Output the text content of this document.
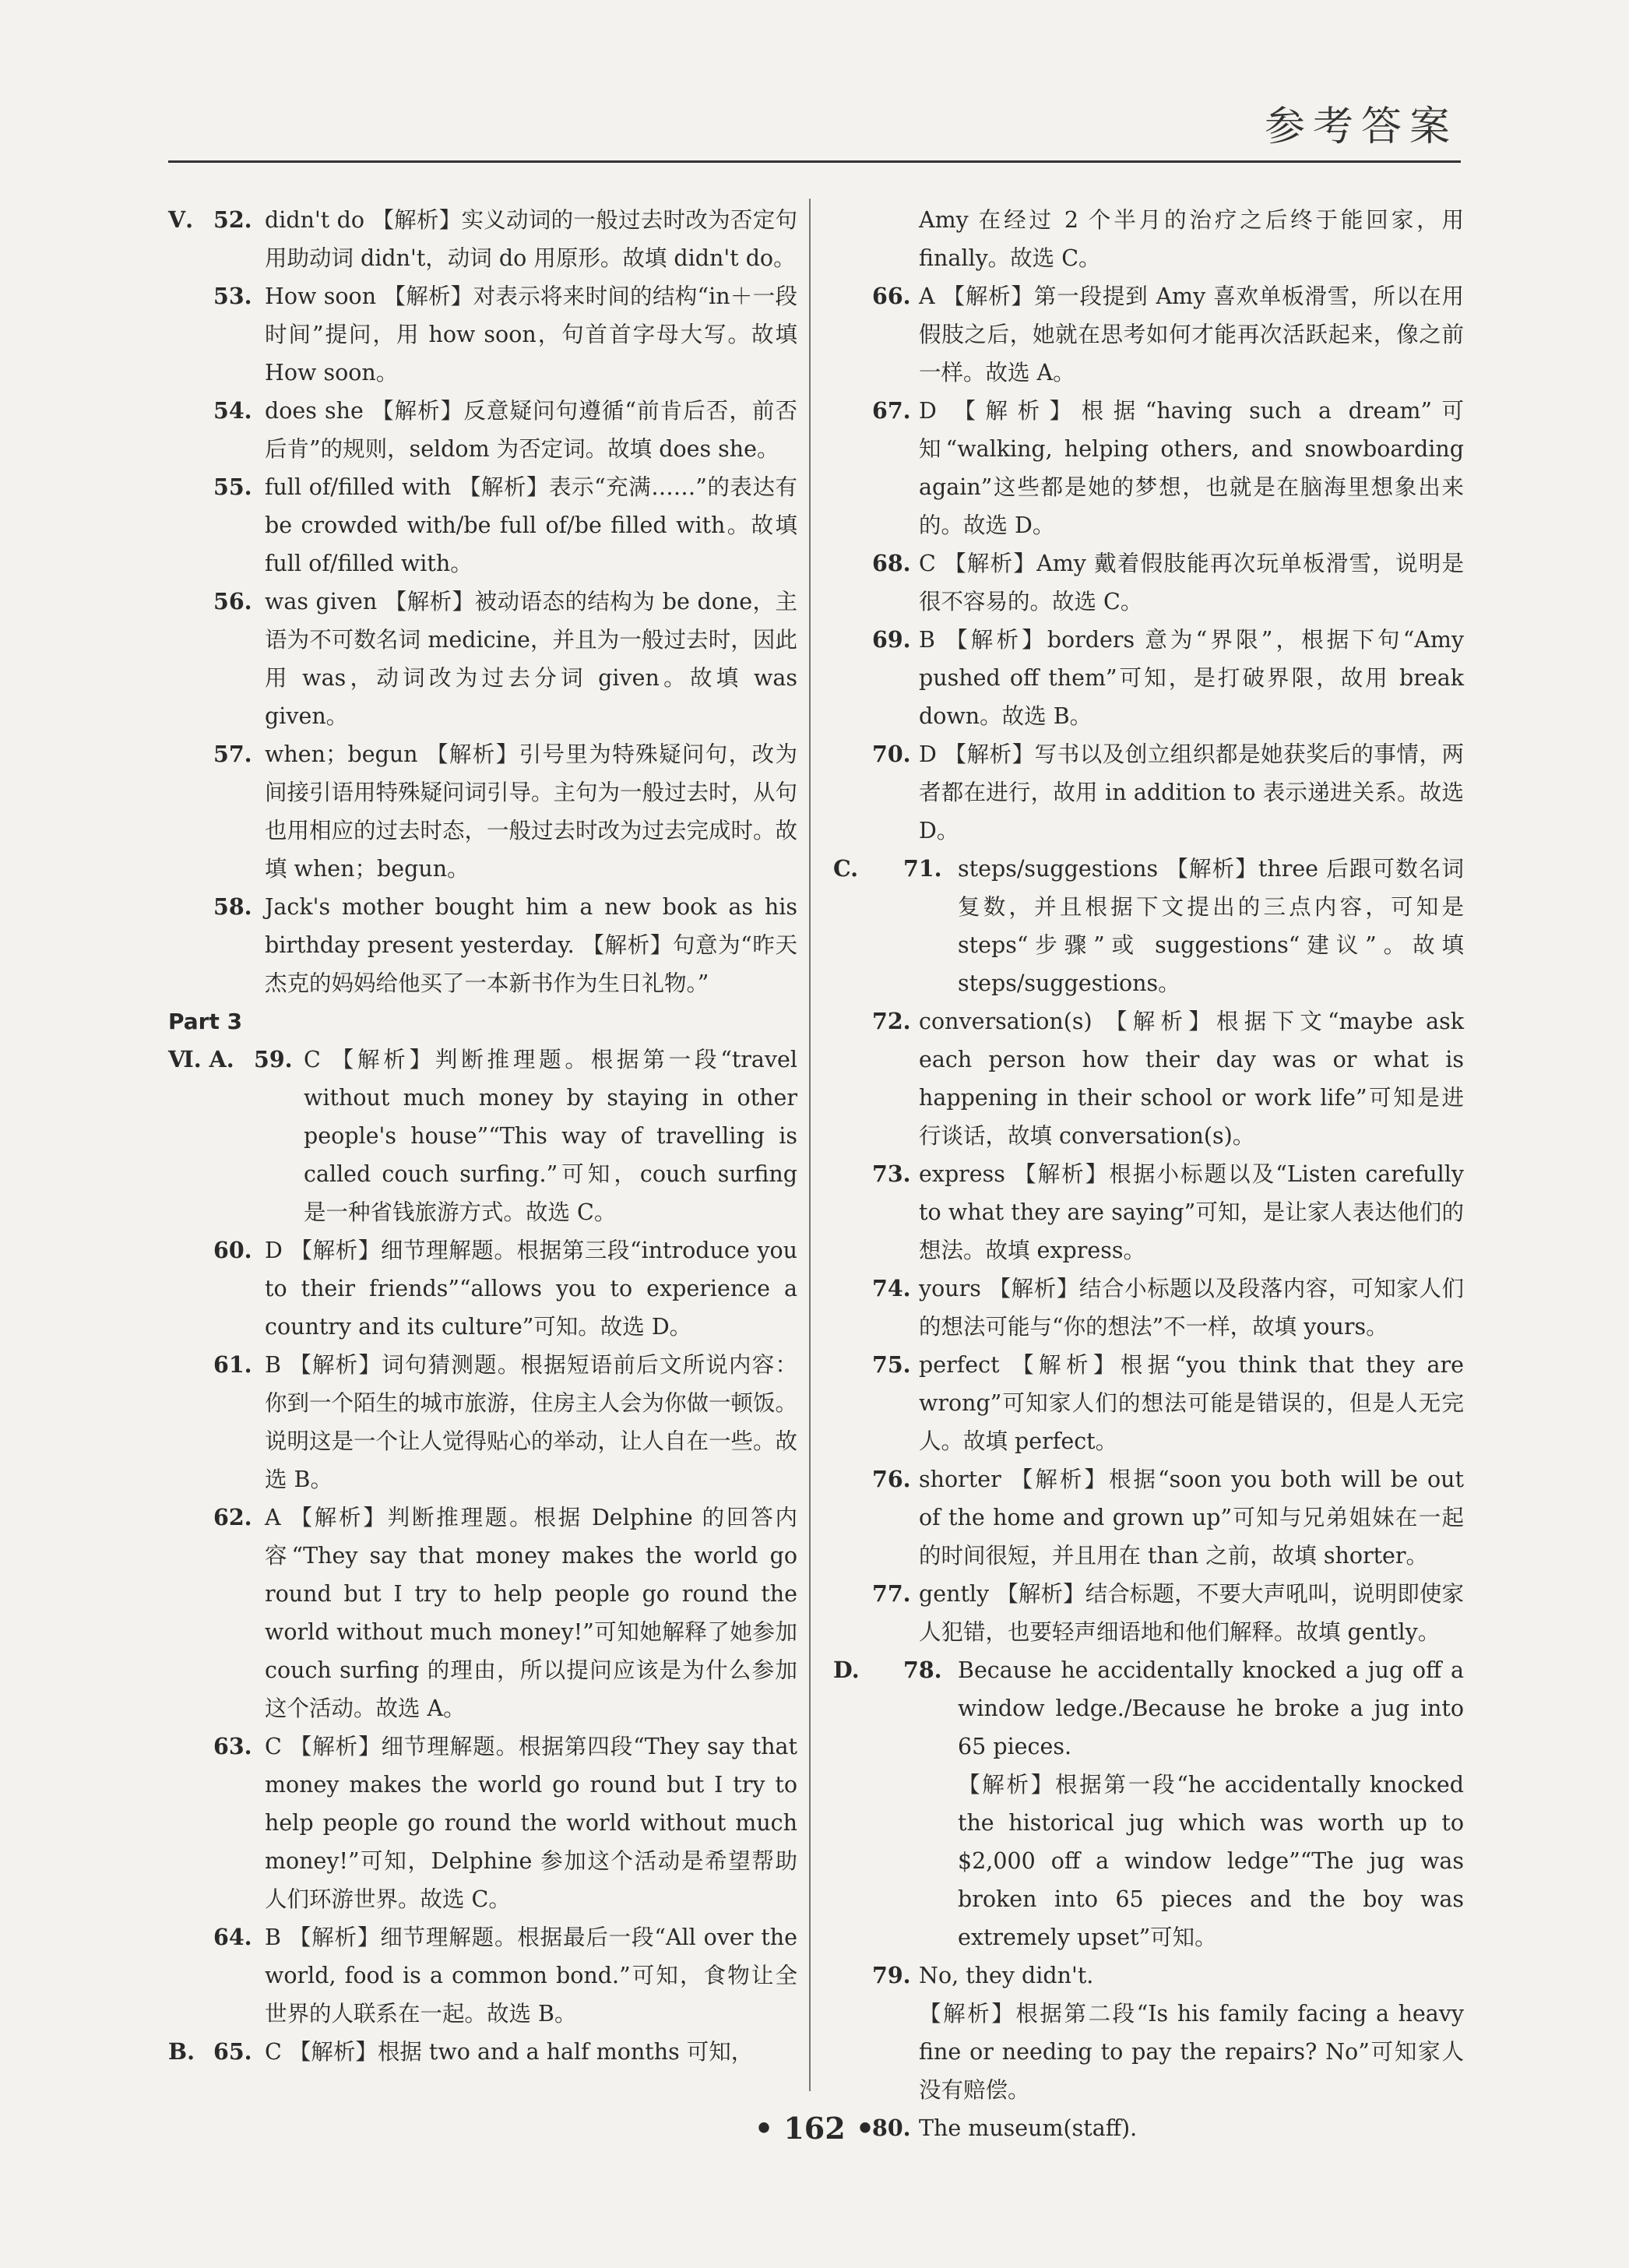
参考答案
Ⅴ. 52. didn't do 【解析】实义动词的一般过去时改为否定句用助动词 didn't，动词 do 用原形。故填 didn't do。
53. How soon 【解析】对表示将来时间的结构“in＋一段时间”提问，用 how soon，句首首字母大写。故填 How soon。
54. does she 【解析】反意疑问句遵循“前肯后否，前否后肯”的规则，seldom 为否定词。故填 does she。
55. full of/filled with 【解析】表示“充满……”的表达有 be crowded with/be full of/be filled with。故填 full of/filled with。
56. was given 【解析】被动语态的结构为 be done，主语为不可数名词 medicine，并且为一般过去时，因此用 was，动词改为过去分词 given。故填 was given。
57. when；begun 【解析】引号里为特殊疑问句，改为间接引语用特殊疑问词引导。主句为一般过去时，从句也用相应的过去时态，一般过去时改为过去完成时。故填 when；begun。
58. Jack's mother bought him a new book as his birthday present yesterday. 【解析】句意为“昨天杰克的妈妈给他买了一本新书作为生日礼物。”
Part 3
Ⅵ. A. 59. C 【解析】判断推理题。根据第一段“travel without much money by staying in other people's house”“This way of travelling is called couch surfing.”可知，couch surfing 是一种省钱旅游方式。故选 C。
60. D 【解析】细节理解题。根据第三段“introduce you to their friends”“allows you to experience a country and its culture”可知。故选 D。
61. B 【解析】词句猜测题。根据短语前后文所说内容：你到一个陌生的城市旅游，住房主人会为你做一顿饭。说明这是一个让人觉得贴心的举动，让人自在一些。故选 B。
62. A 【解析】判断推理题。根据 Delphine 的回答内容“They say that money makes the world go round but I try to help people go round the world without much money!”可知她解释了她参加 couch surfing 的理由，所以提问应该是为什么参加这个活动。故选 A。
63. C 【解析】细节理解题。根据第四段“They say that money makes the world go round but I try to help people go round the world without much money!”可知，Delphine 参加这个活动是希望帮助人们环游世界。故选 C。
64. B 【解析】细节理解题。根据最后一段“All over the world, food is a common bond.”可知，食物让全世界的人联系在一起。故选 B。
B. 65. C 【解析】根据 two and a half months 可知，
Amy 在经过 2 个半月的治疗之后终于能回家，用 finally。故选 C。
66. A 【解析】第一段提到 Amy 喜欢单板滑雪，所以在用假肢之后，她就在思考如何才能再次活跃起来，像之前一样。故选 A。
67. D 【解析】根据“having such a dream”可知“walking, helping others, and snowboarding again”这些都是她的梦想，也就是在脑海里想象出来的。故选 D。
68. C 【解析】Amy 戴着假肢能再次玩单板滑雪，说明是很不容易的。故选 C。
69. B 【解析】borders 意为“界限”，根据下句“Amy pushed off them”可知，是打破界限，故用 break down。故选 B。
70. D 【解析】写书以及创立组织都是她获奖后的事情，两者都在进行，故用 in addition to 表示递进关系。故选 D。
C. 71. steps/suggestions 【解析】three 后跟可数名词复数，并且根据下文提出的三点内容，可知是 steps“步骤”或 suggestions“建议”。故填 steps/suggestions。
72. conversation(s) 【解析】根据下文“maybe ask each person how their day was or what is happening in their school or work life”可知是进行谈话，故填 conversation(s)。
73. express 【解析】根据小标题以及“Listen carefully to what they are saying”可知，是让家人表达他们的想法。故填 express。
74. yours 【解析】结合小标题以及段落内容，可知家人们的想法可能与“你的想法”不一样，故填 yours。
75. perfect 【解析】根据“you think that they are wrong”可知家人们的想法可能是错误的，但是人无完人。故填 perfect。
76. shorter 【解析】根据“soon you both will be out of the home and grown up”可知与兄弟姐妹在一起的时间很短，并且用在 than 之前，故填 shorter。
77. gently 【解析】结合标题，不要大声吼叫，说明即使家人犯错，也要轻声细语地和他们解释。故填 gently。
D. 78. Because he accidentally knocked a jug off a window ledge./Because he broke a jug into 65 pieces.
【解析】根据第一段“he accidentally knocked the historical jug which was worth up to $2,000 off a window ledge”“The jug was broken into 65 pieces and the boy was extremely upset”可知。
79. No, they didn't.
【解析】根据第二段“Is his family facing a heavy fine or needing to pay the repairs? No”可知家人没有赔偿。
80. The museum(staff).
• 162 •
